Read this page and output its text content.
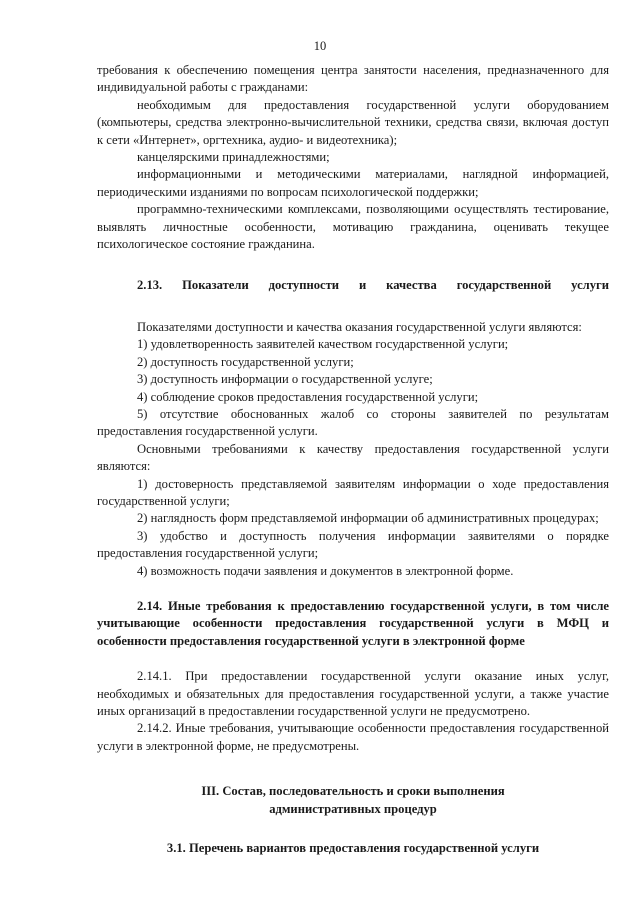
10

требования к обеспечению помещения центра занятости населения, предназначенного для индивидуальной работы с гражданами:

необходимым для предоставления государственной услуги оборудованием (компьютеры, средства электронно-вычислительной техники, средства связи, включая доступ к сети «Интернет», оргтехника, аудио- и видеотехника);

канцелярскими принадлежностями;

информационными и методическими материалами, наглядной информацией, периодическими изданиями по вопросам психологической поддержки;

программно-техническими комплексами, позволяющими осуществлять тестирование, выявлять личностные особенности, мотивацию гражданина, оценивать текущее психологическое состояние гражданина.

2.13. Показатели доступности и качества государственной услуги

Показателями доступности и качества оказания государственной услуги являются:

1) удовлетворенность заявителей качеством государственной услуги;

2) доступность государственной услуги;

3) доступность информации о государственной услуге;

4) соблюдение сроков предоставления государственной услуги;

5) отсутствие обоснованных жалоб со стороны заявителей по результатам предоставления государственной услуги.

Основными требованиями к качеству предоставления государственной услуги являются:

1) достоверность представляемой заявителям информации о ходе предоставления государственной услуги;

2) наглядность форм представляемой информации об административных процедурах;

3) удобство и доступность получения информации заявителями о порядке предоставления государственной услуги;

4) возможность подачи заявления и документов в электронной форме.

2.14. Иные требования к предоставлению государственной услуги, в том числе учитывающие особенности предоставления государственной услуги в МФЦ и особенности предоставления государственной услуги в электронной форме

2.14.1. При предоставлении государственной услуги оказание иных услуг, необходимых и обязательных для предоставления государственной услуги, а также участие иных организаций в предоставлении государственной услуги не предусмотрено.

2.14.2. Иные требования, учитывающие особенности предоставления государственной услуги в электронной форме, не предусмотрены.

III. Состав, последовательность и сроки выполнения
административных процедур
3.1. Перечень вариантов предоставления государственной услуги
